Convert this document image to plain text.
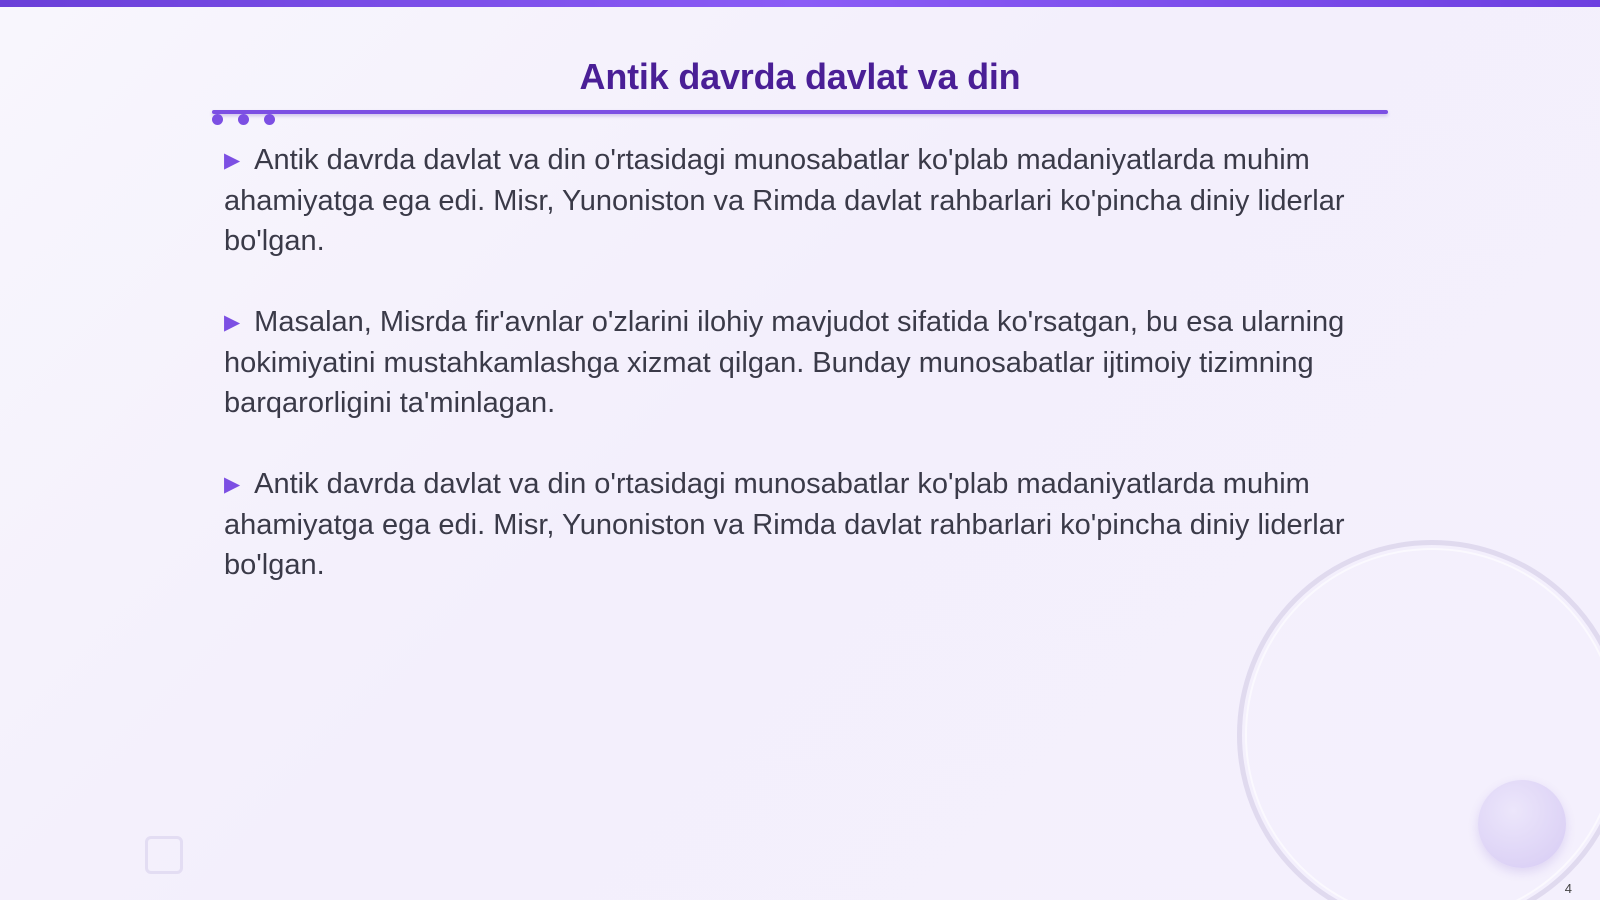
Antik davrda davlat va din

▶ Antik davrda davlat va din o'rtasidagi munosabatlar ko'plab madaniyatlarda muhim ahamiyatga ega edi. Misr, Yunoniston va Rimda davlat rahbarlari ko'pincha diniy liderlar bo'lgan.

▶ Masalan, Misrda fir'avnlar o'zlarini ilohiy mavjudot sifatida ko'rsatgan, bu esa ularning hokimiyatini mustahkamlashga xizmat qilgan. Bunday munosabatlar ijtimoiy tizimning barqarorligini ta'minlagan.

▶ Antik davrda davlat va din o'rtasidagi munosabatlar ko'plab madaniyatlarda muhim ahamiyatga ega edi. Misr, Yunoniston va Rimda davlat rahbarlari ko'pincha diniy liderlar bo'lgan.

4
